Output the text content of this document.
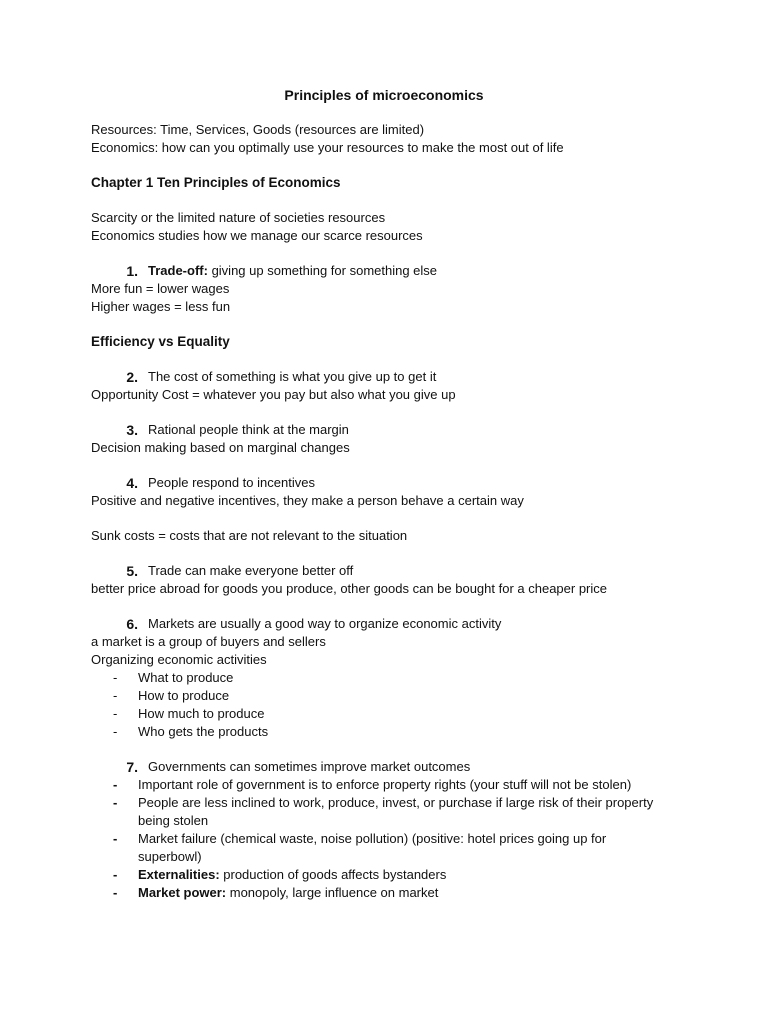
Principles of microeconomics

Resources: Time, Services, Goods (resources are limited)

Economics: how can you optimally use your resources to make the most out of life

Chapter 1 Ten Principles of Economics

Scarcity or the limited nature of societies resources

Economics studies how we manage our scarce resources

1. Trade-off: giving up something for something else

More fun = lower wages

Higher wages = less fun

Efficiency vs Equality

2. The cost of something is what you give up to get it

Opportunity Cost = whatever you pay but also what you give up

3. Rational people think at the margin

Decision making based on marginal changes

4. People respond to incentives

Positive and negative incentives, they make a person behave a certain way

Sunk costs = costs that are not relevant to the situation

5. Trade can make everyone better off

better price abroad for goods you produce, other goods can be bought for a cheaper price

6. Markets are usually a good way to organize economic activity

a market is a group of buyers and sellers

Organizing economic activities

-	What to produce
-	How to produce
-	How much to produce
-	Who gets the products
7. Governments can sometimes improve market outcomes
-	Important role of government is to enforce property rights (your stuff will not be stolen)
-	People are less inclined to work, produce, invest, or purchase if large risk of their property being stolen
-	Market failure (chemical waste, noise pollution) (positive: hotel prices going up for superbowl)
-	Externalities: production of goods affects bystanders
-	Market power: monopoly, large influence on market
